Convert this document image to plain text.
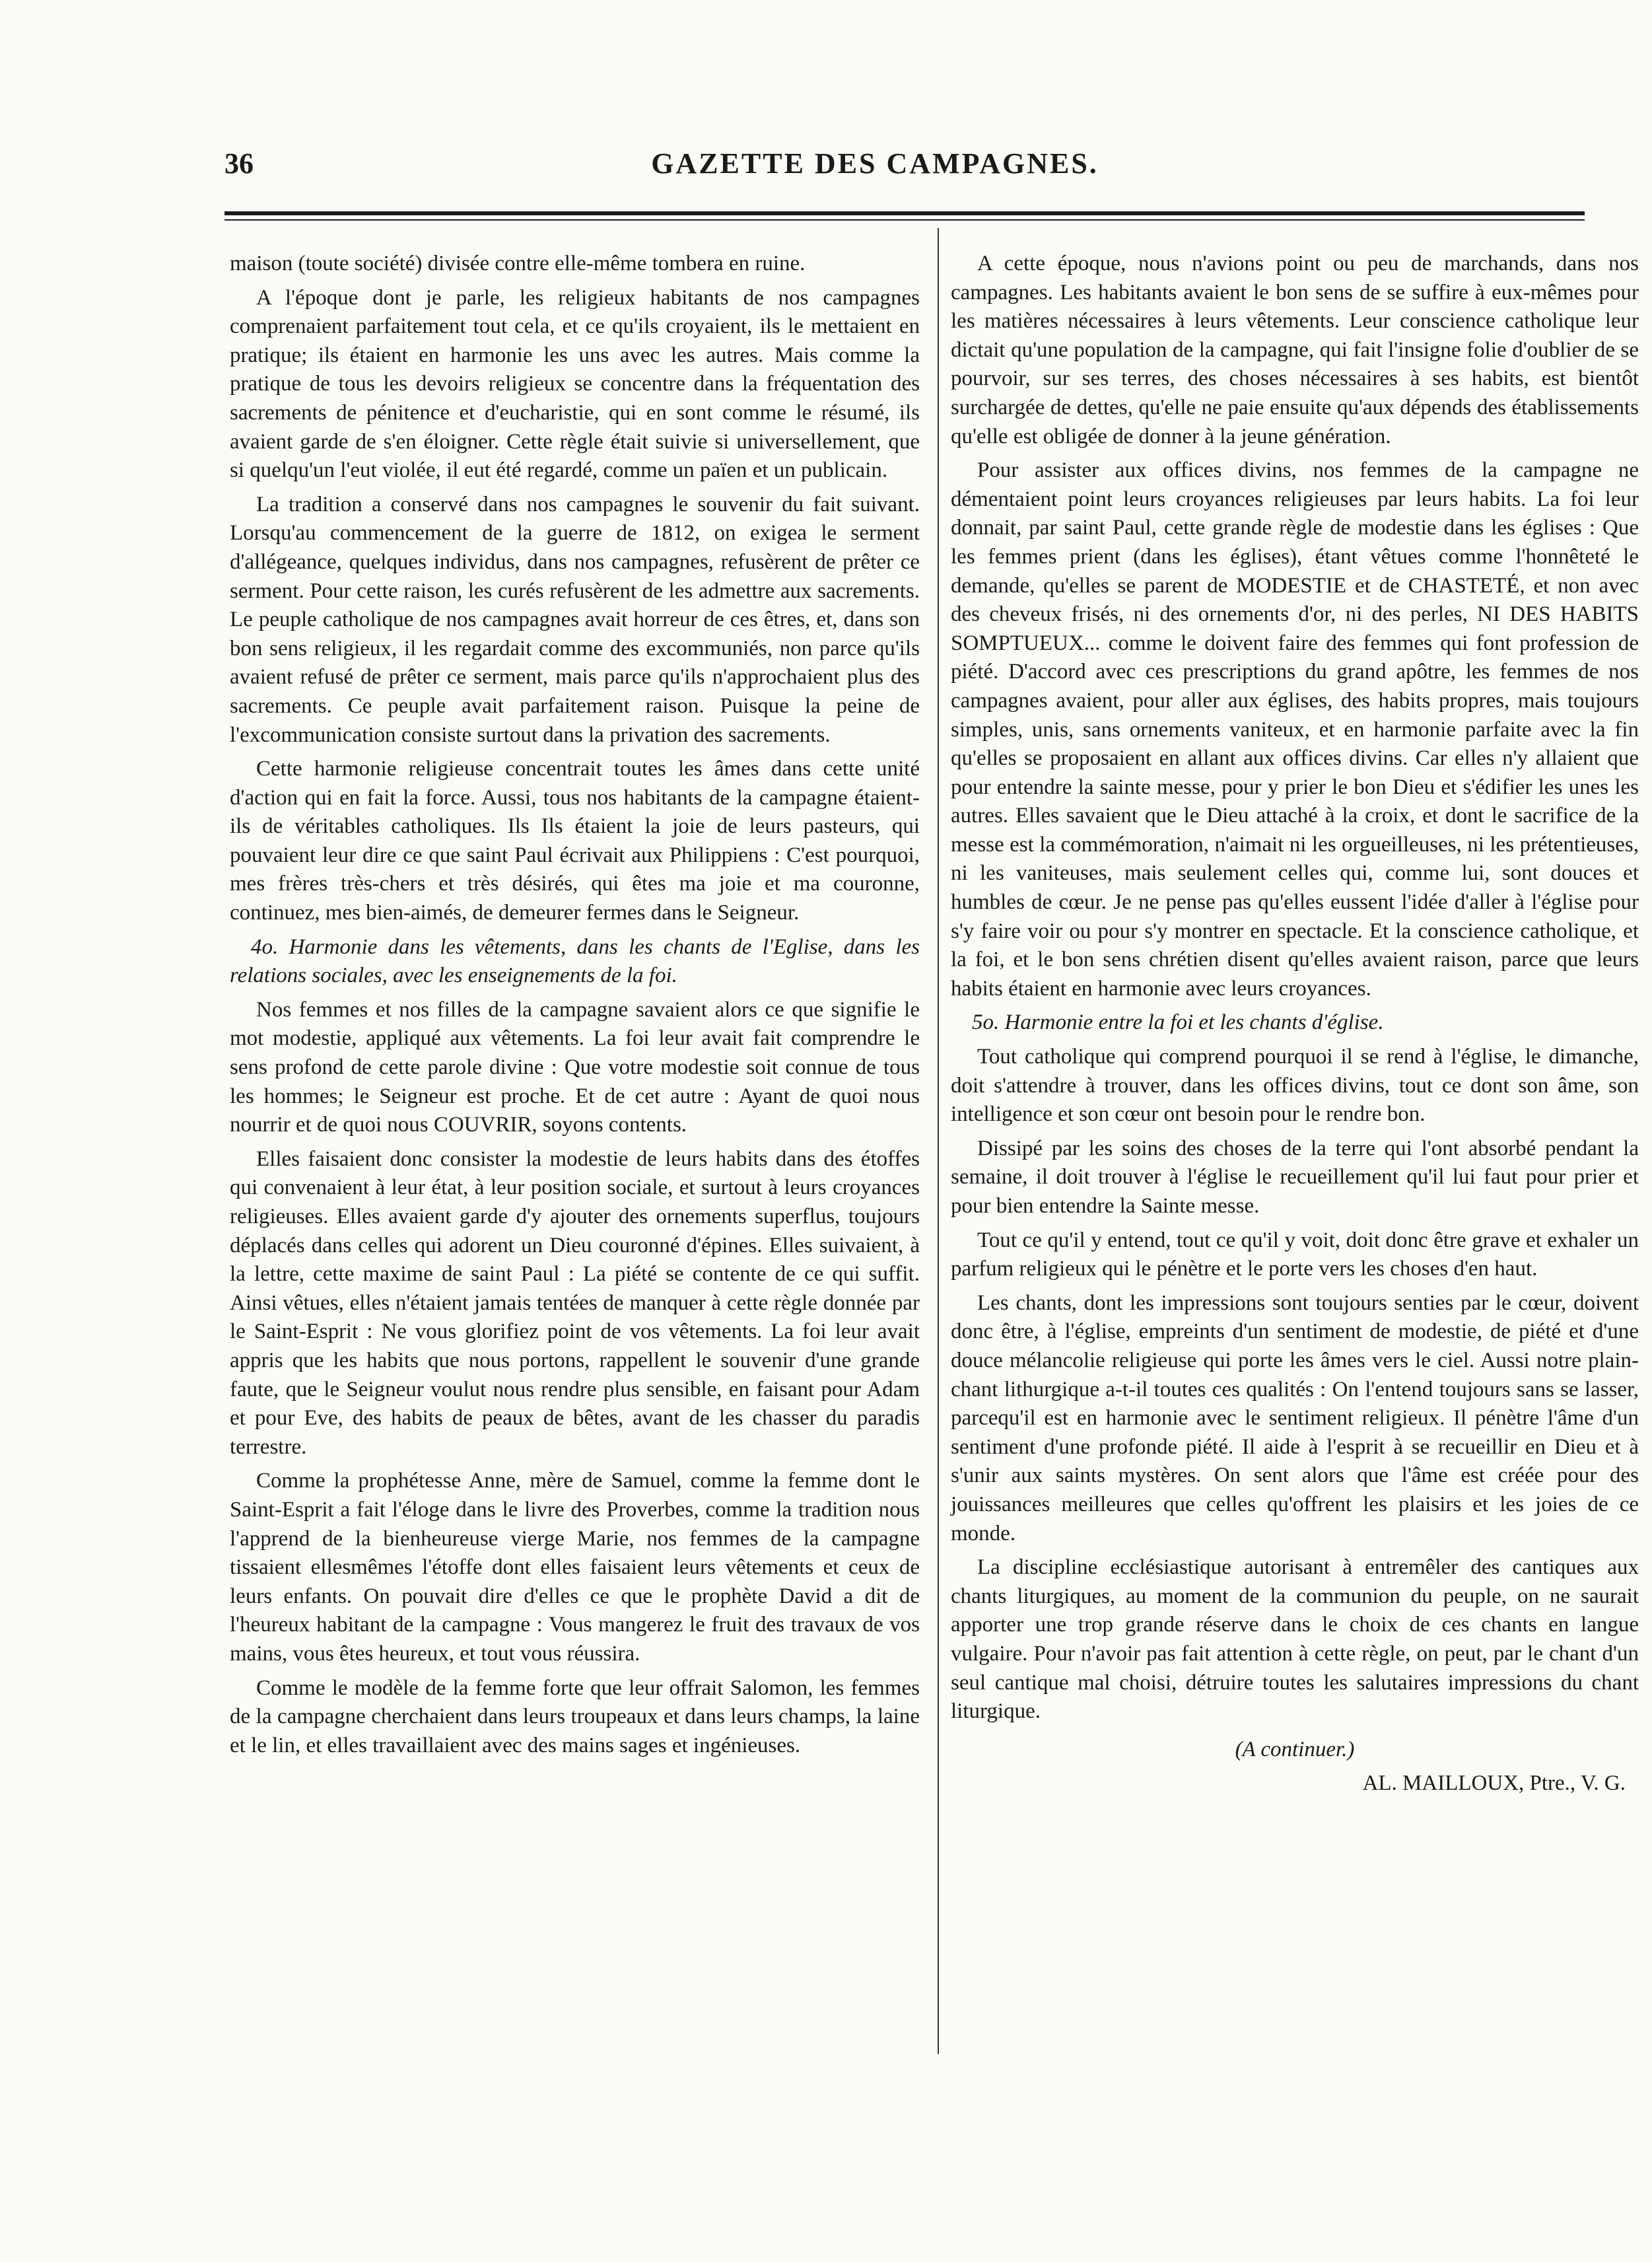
36	GAZETTE DES CAMPAGNES.

maison (toute société) divisée contre elle-même tombera en ruine.

A l'époque dont je parle, les religieux habitants de nos campagnes comprenaient parfaitement tout cela, et ce qu'ils croyaient, ils le mettaient en pratique; ils étaient en harmonie les uns avec les autres. Mais comme la pratique de tous les devoirs religieux se concentre dans la fréquentation des sacrements de pénitence et d'eucharistie, qui en sont comme le résumé, ils avaient garde de s'en éloigner. Cette règle était suivie si universellement, que si quelqu'un l'eut violée, il eut été regardé, comme un païen et un publicain.

La tradition a conservé dans nos campagnes le souvenir du fait suivant. Lorsqu'au commencement de la guerre de 1812, on exigea le serment d'allégeance, quelques individus, dans nos campagnes, refusèrent de prêter ce serment. Pour cette raison, les curés refusèrent de les admettre aux sacrements. Le peuple catholique de nos campagnes avait horreur de ces êtres, et, dans son bon sens religieux, il les regardait comme des excommuniés, non parce qu'ils avaient refusé de prêter ce serment, mais parce qu'ils n'approchaient plus des sacrements. Ce peuple avait parfaitement raison. Puisque la peine de l'excommunication consiste surtout dans la privation des sacrements.

Cette harmonie religieuse concentrait toutes les âmes dans cette unité d'action qui en fait la force. Aussi, tous nos habitants de la campagne étaient-ils de véritables catholiques. Ils Ils étaient la joie de leurs pasteurs, qui pouvaient leur dire ce que saint Paul écrivait aux Philippiens : C'est pourquoi, mes frères très-chers et très désirés, qui êtes ma joie et ma couronne, continuez, mes bien-aimés, de demeurer fermes dans le Seigneur.

4o. Harmonie dans les vêtements, dans les chants de l'Eglise, dans les relations sociales, avec les enseignements de la foi.

Nos femmes et nos filles de la campagne savaient alors ce que signifie le mot modestie, appliqué aux vêtements. La foi leur avait fait comprendre le sens profond de cette parole divine : Que votre modestie soit connue de tous les hommes; le Seigneur est proche. Et de cet autre : Ayant de quoi nous nourrir et de quoi nous COUVRIR, soyons contents.

Elles faisaient donc consister la modestie de leurs habits dans des étoffes qui convenaient à leur état, à leur position sociale, et surtout à leurs croyances religieuses. Elles avaient garde d'y ajouter des ornements superflus, toujours déplacés dans celles qui adorent un Dieu couronné d'épines. Elles suivaient, à la lettre, cette maxime de saint Paul : La piété se contente de ce qui suffit. Ainsi vêtues, elles n'étaient jamais tentées de manquer à cette règle donnée par le Saint-Esprit : Ne vous glorifiez point de vos vêtements. La foi leur avait appris que les habits que nous portons, rappellent le souvenir d'une grande faute, que le Seigneur voulut nous rendre plus sensible, en faisant pour Adam et pour Eve, des habits de peaux de bêtes, avant de les chasser du paradis terrestre.

Comme la prophétesse Anne, mère de Samuel, comme la femme dont le Saint-Esprit a fait l'éloge dans le livre des Proverbes, comme la tradition nous l'apprend de la bienheureuse vierge Marie, nos femmes de la campagne tissaient ellesmêmes l'étoffe dont elles faisaient leurs vêtements et ceux de leurs enfants. On pouvait dire d'elles ce que le prophète David a dit de l'heureux habitant de la campagne : Vous mangerez le fruit des travaux de vos mains, vous êtes heureux, et tout vous réussira.

Comme le modèle de la femme forte que leur offrait Salomon, les femmes de la campagne cherchaient dans leurs troupeaux et dans leurs champs, la laine et le lin, et elles travaillaient avec des mains sages et ingénieuses.

A cette époque, nous n'avions point ou peu de marchands, dans nos campagnes. Les habitants avaient le bon sens de se suffire à eux-mêmes pour les matières nécessaires à leurs vêtements. Leur conscience catholique leur dictait qu'une population de la campagne, qui fait l'insigne folie d'oublier de se pourvoir, sur ses terres, des choses nécessaires à ses habits, est bientôt surchargée de dettes, qu'elle ne paie ensuite qu'aux dépends des établissements qu'elle est obligée de donner à la jeune génération.

Pour assister aux offices divins, nos femmes de la campagne ne démentaient point leurs croyances religieuses par leurs habits. La foi leur donnait, par saint Paul, cette grande règle de modestie dans les églises : Que les femmes prient (dans les églises), étant vêtues comme l'honnêteté le demande, qu'elles se parent de MODESTIE et de CHASTETÉ, et non avec des cheveux frisés, ni des ornements d'or, ni des perles, NI DES HABITS SOMPTUEUX... comme le doivent faire des femmes qui font profession de piété. D'accord avec ces prescriptions du grand apôtre, les femmes de nos campagnes avaient, pour aller aux églises, des habits propres, mais toujours simples, unis, sans ornements vaniteux, et en harmonie parfaite avec la fin qu'elles se proposaient en allant aux offices divins. Car elles n'y allaient que pour entendre la sainte messe, pour y prier le bon Dieu et s'édifier les unes les autres. Elles savaient que le Dieu attaché à la croix, et dont le sacrifice de la messe est la commémoration, n'aimait ni les orgueilleuses, ni les prétentieuses, ni les vaniteuses, mais seulement celles qui, comme lui, sont douces et humbles de cœur. Je ne pense pas qu'elles eussent l'idée d'aller à l'église pour s'y faire voir ou pour s'y montrer en spectacle. Et la conscience catholique, et la foi, et le bon sens chrétien disent qu'elles avaient raison, parce que leurs habits étaient en harmonie avec leurs croyances.

5o. Harmonie entre la foi et les chants d'église.

Tout catholique qui comprend pourquoi il se rend à l'église, le dimanche, doit s'attendre à trouver, dans les offices divins, tout ce dont son âme, son intelligence et son cœur ont besoin pour le rendre bon.

Dissipé par les soins des choses de la terre qui l'ont absorbé pendant la semaine, il doit trouver à l'église le recueillement qu'il lui faut pour prier et pour bien entendre la Sainte messe.

Tout ce qu'il y entend, tout ce qu'il y voit, doit donc être grave et exhaler un parfum religieux qui le pénètre et le porte vers les choses d'en haut.

Les chants, dont les impressions sont toujours senties par le cœur, doivent donc être, à l'église, empreints d'un sentiment de modestie, de piété et d'une douce mélancolie religieuse qui porte les âmes vers le ciel. Aussi notre plain-chant lithurgique a-t-il toutes ces qualités : On l'entend toujours sans se lasser, parcequ'il est en harmonie avec le sentiment religieux. Il pénètre l'âme d'un sentiment d'une profonde piété. Il aide à l'esprit à se recueillir en Dieu et à s'unir aux saints mystères. On sent alors que l'âme est créée pour des jouissances meilleures que celles qu'offrent les plaisirs et les joies de ce monde.

La discipline ecclésiastique autorisant à entremêler des cantiques aux chants liturgiques, au moment de la communion du peuple, on ne saurait apporter une trop grande réserve dans le choix de ces chants en langue vulgaire. Pour n'avoir pas fait attention à cette règle, on peut, par le chant d'un seul cantique mal choisi, détruire toutes les salutaires impressions du chant liturgique.

(A continuer.)

AL. MAILLOUX, Ptre., V. G.
